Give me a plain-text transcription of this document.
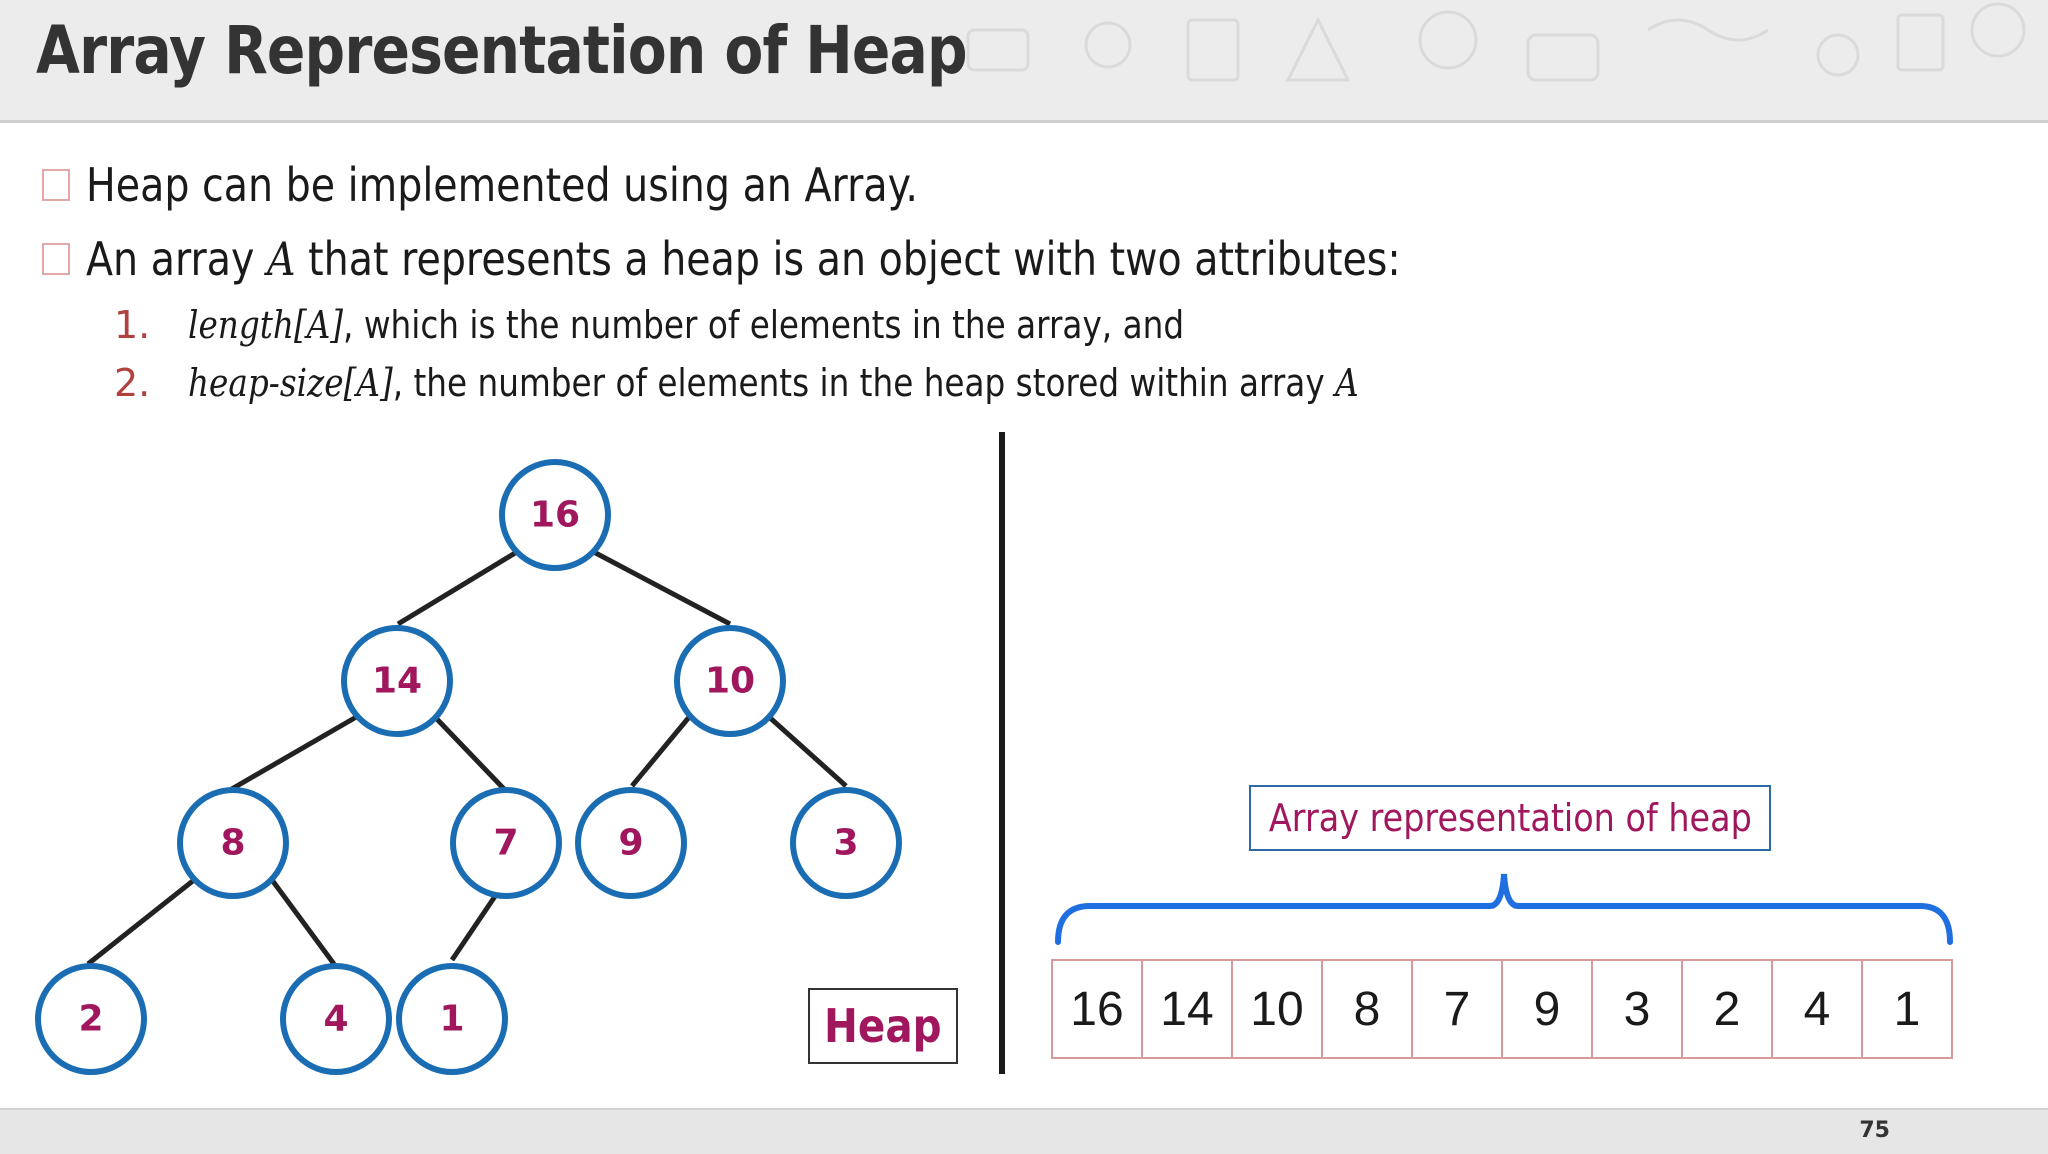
Array Representation of Heap
Heap can be implemented using an Array.
An array A that represents a heap is an object with two attributes:
1. length[A], which is the number of elements in the array, and
2. heap-size[A], the number of elements in the heap stored within array A
16
14	10
8	7	9	3
2	4	1	Heap
Array representation of heap
16 14 10	8	7	9	3	2	4	1
75
